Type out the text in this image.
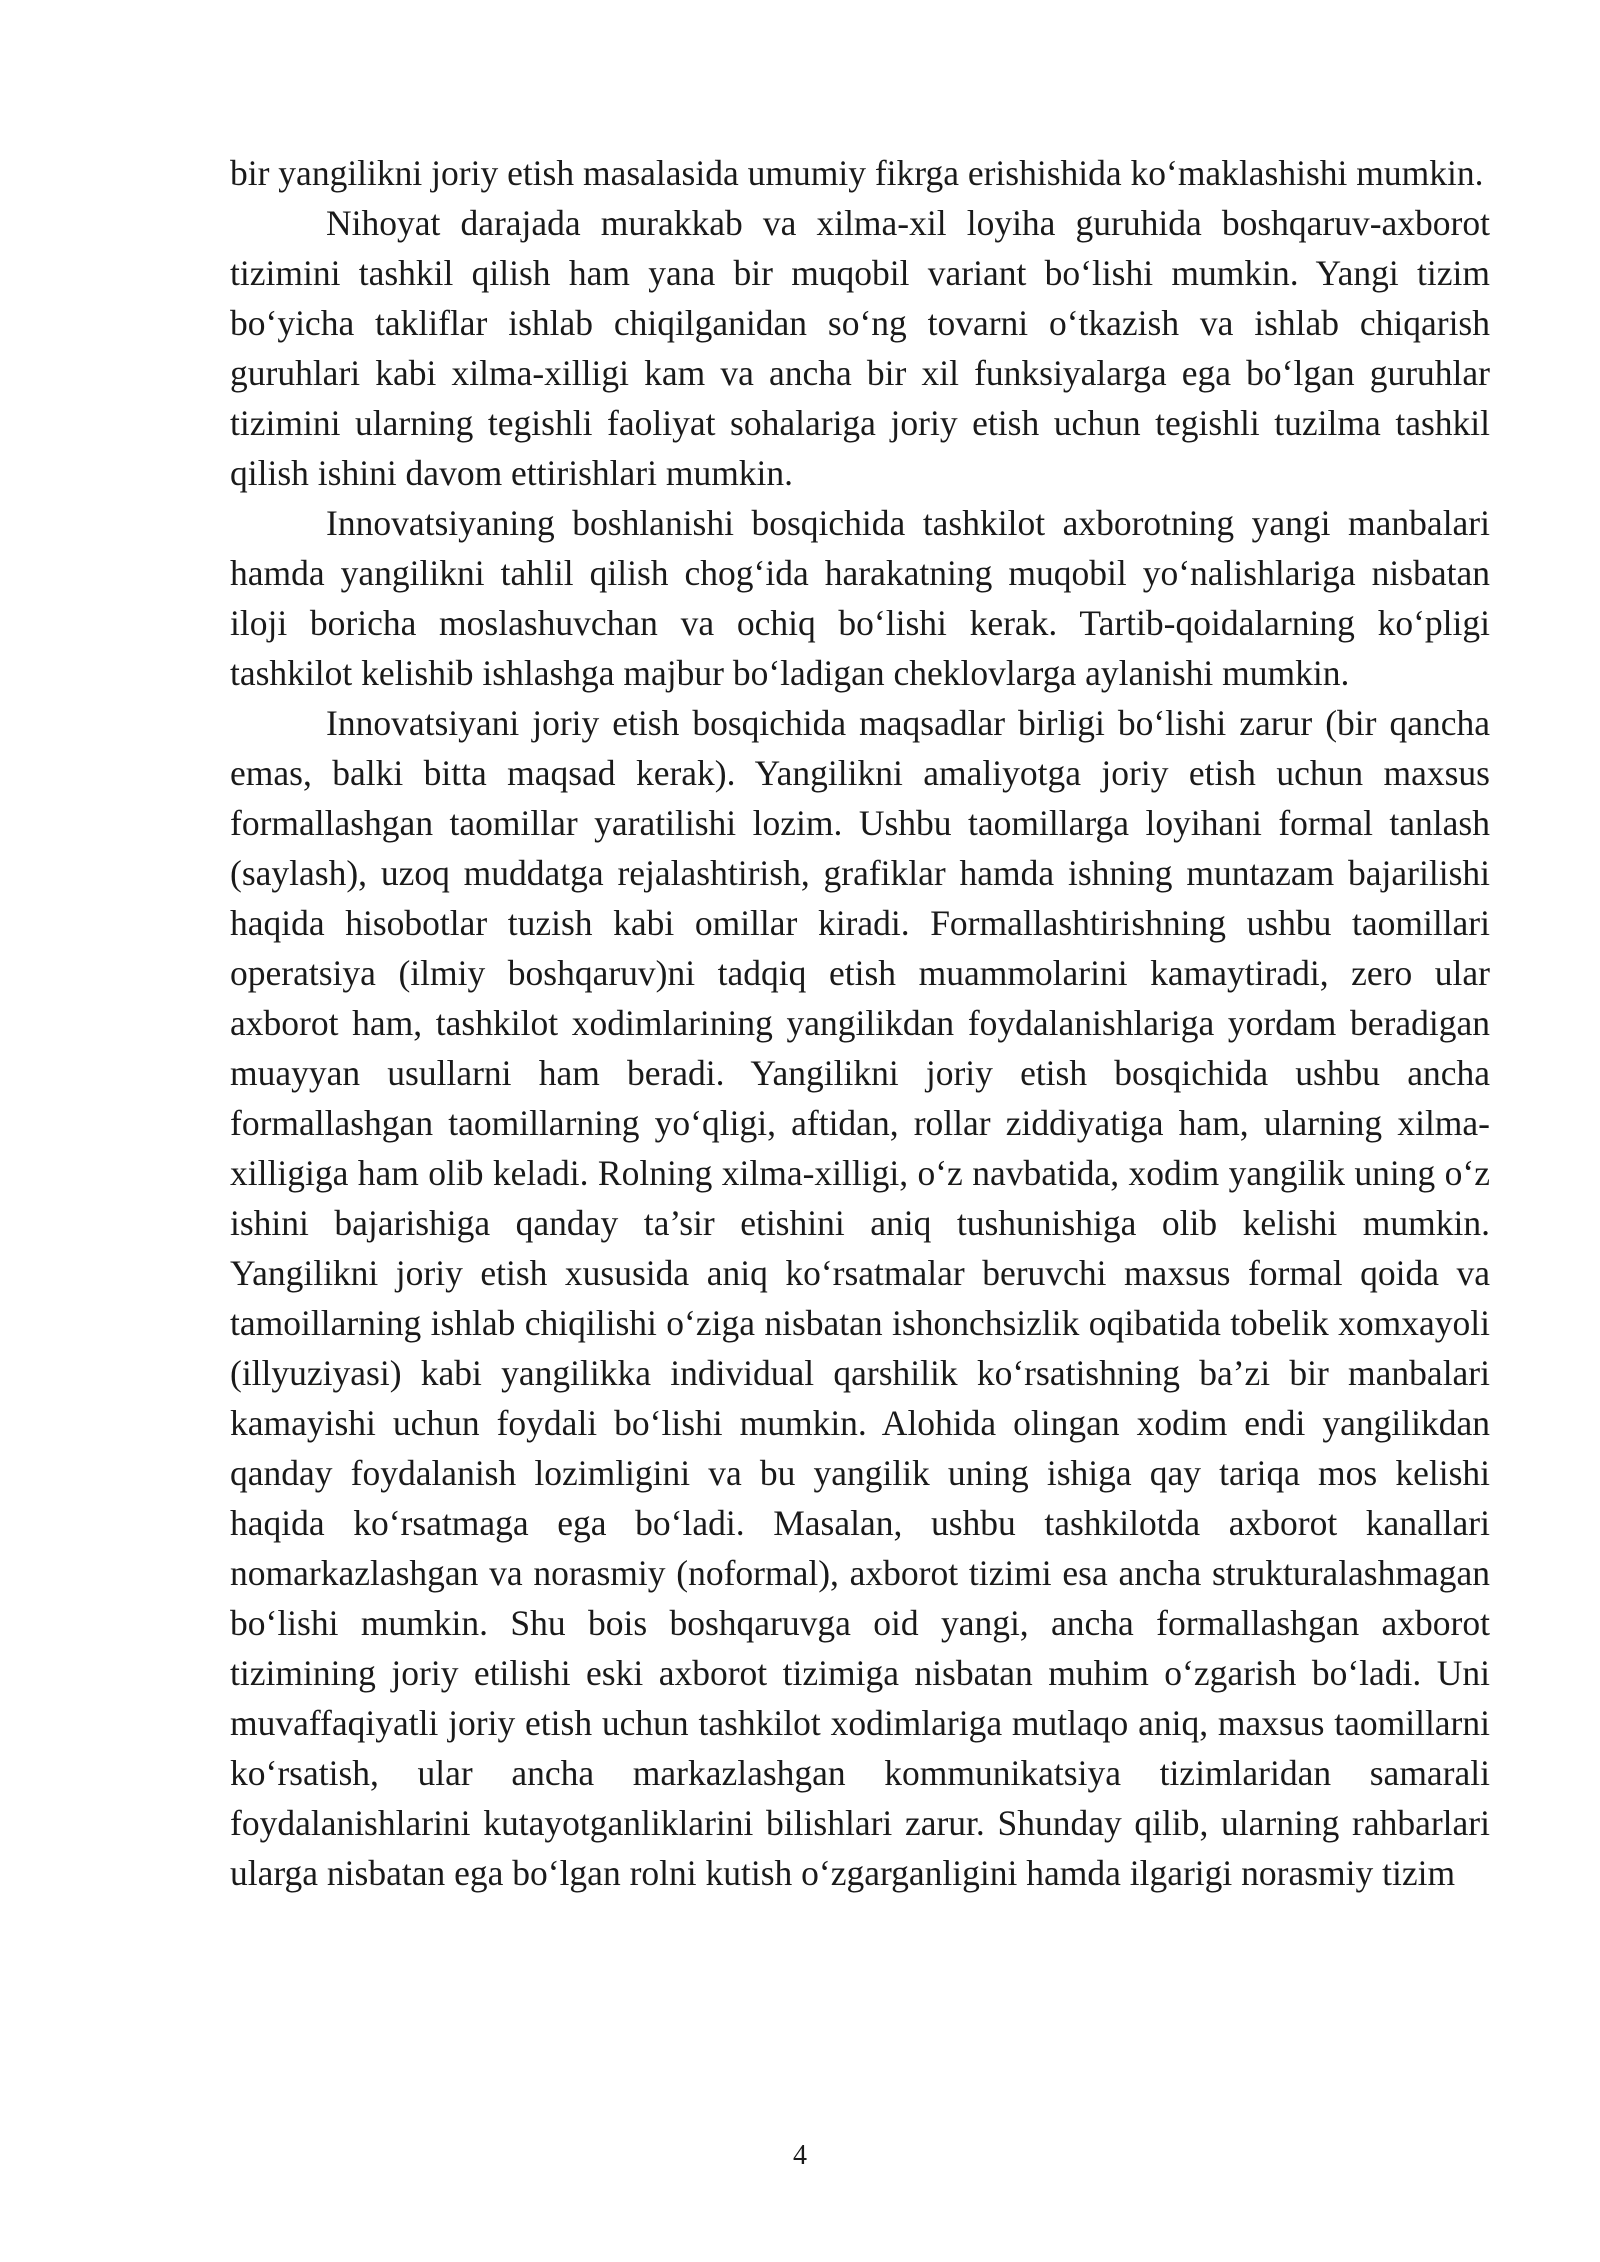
bir yangilikni joriy etish masalasida umumiy fikrga erishishida ko‘maklashishi mumkin.

Nihoyat darajada murakkab va xilma-xil loyiha guruhida boshqaruv-axborot tizimini tashkil qilish ham yana bir muqobil variant bo‘lishi mumkin. Yangi tizim bo‘yicha takliflar ishlab chiqilganidan so‘ng tovarni o‘tkazish va ishlab chiqarish guruhlari kabi xilma-xilligi kam va ancha bir xil funksiyalarga ega bo‘lgan guruhlar tizimini ularning tegishli faoliyat sohalariga joriy etish uchun tegishli tuzilma tashkil qilish ishini davom ettirishlari mumkin.

Innovatsiyaning boshlanishi bosqichida tashkilot axborotning yangi manbalari hamda yangilikni tahlil qilish chog‘ida harakatning muqobil yo‘nalishlariga nisbatan iloji boricha moslashuvchan va ochiq bo‘lishi kerak. Tartib-qoidalarning ko‘pligi tashkilot kelishib ishlashga majbur bo‘ladigan cheklovlarga aylanishi mumkin.

Innovatsiyani joriy etish bosqichida maqsadlar birligi bo‘lishi zarur (bir qancha emas, balki bitta maqsad kerak). Yangilikni amaliyotga joriy etish uchun maxsus formallashgan taomillar yaratilishi lozim. Ushbu taomillarga loyihani formal tanlash (saylash), uzoq muddatga rejalashtirish, grafiklar hamda ishning muntazam bajarilishi haqida hisobotlar tuzish kabi omillar kiradi. Formallashtirishning ushbu taomillari operatsiya (ilmiy boshqaruv)ni tadqiq etish muammolarini kamaytiradi, zero ular axborot ham, tashkilot xodimlarining yangilikdan foydalanishlariga yordam beradigan muayyan usullarni ham beradi. Yangilikni joriy etish bosqichida ushbu ancha formallashgan taomillarning yo‘qligi, aftidan, rollar ziddiyatiga ham, ularning xilma-xilligiga ham olib keladi. Rolning xilma-xilligi, o‘z navbatida, xodim yangilik uning o‘z ishini bajarishiga qanday ta’sir etishini aniq tushunishiga olib kelishi mumkin. Yangilikni joriy etish xususida aniq ko‘rsatmalar beruvchi maxsus formal qoida va tamoillarning ishlab chiqilishi o‘ziga nisbatan ishonchsizlik oqibatida tobelik xomxayoli (illyuziyasi) kabi yangilikka individual qarshilik ko‘rsatishning ba’zi bir manbalari kamayishi uchun foydali bo‘lishi mumkin. Alohida olingan xodim endi yangilikdan qanday foydalanish lozimligini va bu yangilik uning ishiga qay tariqa mos kelishi haqida ko‘rsatmaga ega bo‘ladi. Masalan, ushbu tashkilotda axborot kanallari nomarkazlashgan va norasmiy (noformal), axborot tizimi esa ancha strukturalashmagan bo‘lishi mumkin. Shu bois boshqaruvga oid yangi, ancha formallashgan axborot tizimining joriy etilishi eski axborot tizimiga nisbatan muhim o‘zgarish bo‘ladi. Uni muvaffaqiyatli joriy etish uchun tashkilot xodimlariga mutlaqo aniq, maxsus taomillarni ko‘rsatish, ular ancha markazlashgan kommunikatsiya tizimlaridan samarali foydalanishlarini kutayotganliklarini bilishlari zarur. Shunday qilib, ularning rahbarlari ularga nisbatan ega bo‘lgan rolni kutish o‘zgarganligini hamda ilgarigi norasmiy tizim

4
